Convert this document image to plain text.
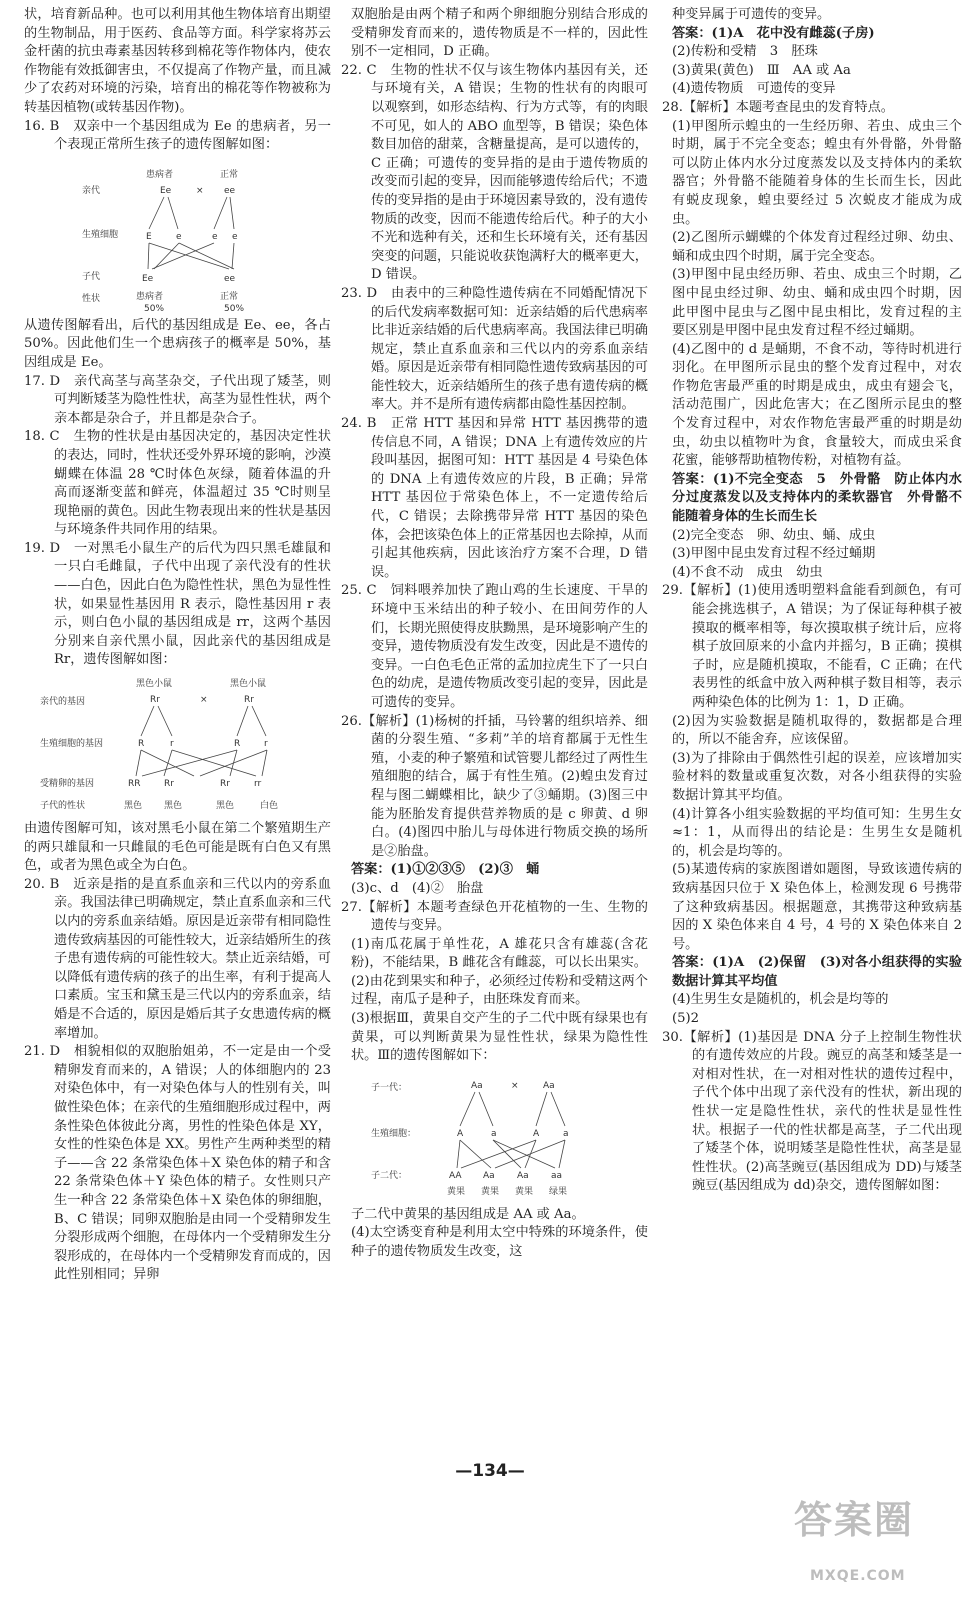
状，培育新品种。也可以利用其他生物体培育出期望的生物制品，用于医药、食品等方面。科学家将苏云金杆菌的抗虫毒素基因转移到棉花等作物体内，使农作物能有效抵御害虫，不仅提高了作物产量，而且减少了农药对环境的污染，培育出的棉花等作物被称为转基因植物(或转基因作物)。

16. B　双亲中一个基因组成为 Ee 的患病者，另一个表现正常所生孩子的遗传图解如图：

亲代
生殖细胞
子代
性状
患病者	正常
Ee	× ee
E	e	e e
Ee	ee
患病者	正常
50%	50%

从遗传图解看出，后代的基因组成是 Ee、ee，各占 50%。因此他们生一个患病孩子的概率是 50%，基因组成是 Ee。

17. D　亲代高茎与高茎杂交，子代出现了矮茎，则可判断矮茎为隐性性状，高茎为显性性状，两个亲本都是杂合子，并且都是杂合子。

18. C　生物的性状是由基因决定的，基因决定性状的表达，同时，性状还受外界环境的影响，沙漠蝴蝶在体温 28 ℃时体色灰绿，随着体温的升高而逐渐变蓝和鲜亮，体温超过 35 ℃时则呈现艳丽的黄色。因此生物表现出来的性状是基因与环境条件共同作用的结果。

19. D　一对黑毛小鼠生产的后代为四只黑毛雄鼠和一只白毛雌鼠，子代中出现了亲代没有的性状——白色，因此白色为隐性性状，黑色为显性性状，如果显性基因用 R 表示，隐性基因用 r 表示，则白色小鼠的基因组成是 rr，这两个基因分别来自亲代黑小鼠，因此亲代的基因组成是 Rr，遗传图解如图：

亲代的基因
生殖细胞的基因
受精卵的基因
子代的性状
黑色小鼠	黑色小鼠
Rr	×	Rr
R	r	R	r
RR	Rr	Rr	rr
黑色 黑色	黑色	白色

由遗传图解可知，该对黑毛小鼠在第二个繁殖期生产的两只雄鼠和一只雌鼠的毛色可能是既有白色又有黑色，或者为黑色或全为白色。

20. B　近亲是指的是直系血亲和三代以内的旁系血亲。我国法律已明确规定，禁止直系血亲和三代以内的旁系血亲结婚。原因是近亲带有相同隐性遗传致病基因的可能性较大，近亲结婚所生的孩子患有遗传病的可能性较大。禁止近亲结婚，可以降低有遗传病的孩子的出生率，有利于提高人口素质。宝玉和黛玉是三代以内的旁系血亲，结婚是不合适的，原因是婚后其子女患遗传病的概率增加。

21. D　相貌相似的双胞胎姐弟，不一定是由一个受精卵发育而来的，A 错误；人的体细胞内的 23 对染色体中，有一对染色体与人的性别有关，叫做性染色体；在亲代的生殖细胞形成过程中，两条性染色体彼此分离，男性的性染色体是 XY，女性的性染色体是 XX。男性产生两种类型的精子——含 22 条常染色体＋X 染色体的精子和含 22 条常染色体＋Y 染色体的精子。女性则只产生一种含 22 条常染色体＋X 染色体的卵细胞，B、C 错误；同卵双胞胎是由同一个受精卵发生分裂形成两个细胞，在母体内一个受精卵发生分裂形成的，在母体内一个受精卵发育而成的，因此性别相同；异卵

双胞胎是由两个精子和两个卵细胞分别结合形成的受精卵发育而来的，遗传物质是不一样的，因此性别不一定相同，D 正确。

22. C　生物的性状不仅与该生物体内基因有关，还与环境有关，A 错误；生物的性状有的肉眼可以观察到，如形态结构、行为方式等，有的肉眼不可见，如人的 ABO 血型等，B 错误；染色体数目加倍的甜菜，含糖量提高，是可以遗传的，C 正确；可遗传的变异指的是由于遗传物质的改变而引起的变异，因而能够遗传给后代；不遗传的变异指的是由于环境因素导致的，没有遗传物质的改变，因而不能遗传给后代。种子的大小不光和选种有关，还和生长环境有关，还有基因突变的问题，只能说收获饱满籽大的概率更大，D 错误。

23. D　由表中的三种隐性遗传病在不同婚配情况下的后代发病率数据可知：近亲结婚的后代患病率比非近亲结婚的后代患病率高。我国法律已明确规定，禁止直系血亲和三代以内的旁系血亲结婚。原因是近亲带有相同隐性遗传致病基因的可能性较大，近亲结婚所生的孩子患有遗传病的概率大。并不是所有遗传病都由隐性基因控制。

24. B　正常 HTT 基因和异常 HTT 基因携带的遗传信息不同，A 错误；DNA 上有遗传效应的片段叫基因，据图可知：HTT 基因是 4 号染色体的 DNA 上有遗传效应的片段，B 正确；异常 HTT 基因位于常染色体上，不一定遗传给后代，C 错误；去除携带异常 HTT 基因的染色体，会把该染色体上的正常基因也去除掉，从而引起其他疾病，因此该治疗方案不合理，D 错误。

25. C　饲料喂养加快了跑山鸡的生长速度、干旱的环境中玉米结出的种子较小、在田间劳作的人们，长期光照使得皮肤黝黑，是环境影响产生的变异，遗传物质没有发生改变，因此是不遗传的变异。一白色毛色正常的孟加拉虎生下了一只白色的幼虎，是遗传物质改变引起的变异，因此是可遗传的变异。

26.【解析】(1)杨树的扦插，马铃薯的组织培养、细菌的分裂生殖、“多莉”羊的培育都属于无性生殖，小麦的种子繁殖和试管婴儿都经过了两性生殖细胞的结合，属于有性生殖。(2)蝗虫发育过程与图二蝴蝶相比，缺少了③蛹期。(3)图三中能为胚胎发育提供营养物质的是 c 卵黄、d 卵白。(4)图四中胎儿与母体进行物质交换的场所是②胎盘。

答案：(1)①②③⑤　(2)③　蛹

(3)c、d　(4)②　胎盘

27.【解析】本题考查绿色开花植物的一生、生物的遗传与变异。

(1)南瓜花属于单性花，A 雄花只含有雄蕊(含花粉)，不能结果，B 雌花含有雌蕊，可以长出果实。

(2)由花到果实和种子，必须经过传粉和受精这两个过程，南瓜子是种子，由胚珠发育而来。

(3)根据Ⅲ，黄果自交产生的子二代中既有绿果也有黄果，可以判断黄果为显性性状，绿果为隐性性状。Ⅲ的遗传图解如下：

子一代：
生殖细胞：
子二代：
Aa	×	Aa
A	a	A	a
AA Aa Aa aa
黄果 黄果 黄果 绿果

子二代中黄果的基因组成是 AA 或 Aa。

(4)太空诱变育种是利用太空中特殊的环境条件，使种子的遗传物质发生改变，这

种变异属于可遗传的变异。

答案：(1)A　花中没有雌蕊(子房)

(2)传粉和受精　3　胚珠

(3)黄果(黄色)　Ⅲ　AA 或 Aa

(4)遗传物质　可遗传的变异

28.【解析】本题考查昆虫的发育特点。

(1)甲图所示蝗虫的一生经历卵、若虫、成虫三个时期，属于不完全变态；蝗虫有外骨骼，外骨骼可以防止体内水分过度蒸发以及支持体内的柔软器官；外骨骼不能随着身体的生长而生长，因此有蜕皮现象，蝗虫要经过 5 次蜕皮才能成为成虫。

(2)乙图所示蝴蝶的个体发育过程经过卵、幼虫、蛹和成虫四个时期，属于完全变态。

(3)甲图中昆虫经历卵、若虫、成虫三个时期，乙图中昆虫经过卵、幼虫、蛹和成虫四个时期，因此甲图中昆虫与乙图中昆虫相比，发育过程的主要区别是甲图中昆虫发育过程不经过蛹期。

(4)乙图中的 d 是蛹期，不食不动，等待时机进行羽化。在甲图所示昆虫的整个发育过程中，对农作物危害最严重的时期是成虫，成虫有翅会飞，活动范围广，因此危害大；在乙图所示昆虫的整个发育过程中，对农作物危害最严重的时期是幼虫，幼虫以植物叶为食，食量较大，而成虫采食花蜜，能够帮助植物传粉，对植物有益。

答案：(1)不完全变态　5　外骨骼　防止体内水分过度蒸发以及支持体内的柔软器官　外骨骼不能随着身体的生长而生长

(2)完全变态　卵、幼虫、蛹、成虫

(3)甲图中昆虫发育过程不经过蛹期

(4)不食不动　成虫　幼虫

29.【解析】(1)使用透明塑料盒能看到颜色，有可能会挑选棋子，A 错误；为了保证每种棋子被摸取的概率相等，每次摸取棋子统计后，应将棋子放回原来的小盒内并摇匀，B 正确；摸棋子时，应是随机摸取，不能看，C 正确；在代表男性的纸盒中放入两种棋子数目相等，表示两种染色体的比例为 1：1，D 正确。

(2)因为实验数据是随机取得的，数据都是合理的，所以不能舍弃，应该保留。

(3)为了排除由于偶然性引起的误差，应该增加实验材料的数量或重复次数，对各小组获得的实验数据计算其平均值。

(4)计算各小组实验数据的平均值可知：生男生女≈1：1，从而得出的结论是：生男生女是随机的，机会是均等的。

(5)某遗传病的家族图谱如题图，导致该遗传病的致病基因只位于 X 染色体上，检测发现 6 号携带了这种致病基因。根据题意，其携带这种致病基因的 X 染色体来自 4 号，4 号的 X 染色体来自 2 号。

答案：(1)A　(2)保留　(3)对各小组获得的实验数据计算其平均值

(4)生男生女是随机的，机会是均等的

(5)2

30.【解析】(1)基因是 DNA 分子上控制生物性状的有遗传效应的片段。豌豆的高茎和矮茎是一对相对性状，在一对相对性状的遗传过程中，子代个体中出现了亲代没有的性状，新出现的性状一定是隐性性状，亲代的性状是显性性状。根据子一代的性状都是高茎，子二代出现了矮茎个体，说明矮茎是隐性性状，高茎是显性性状。(2)高茎豌豆(基因组成为 DD)与矮茎豌豆(基因组成为 dd)杂交，遗传图解如图：

—134—
答案圈
MXQE.COM
